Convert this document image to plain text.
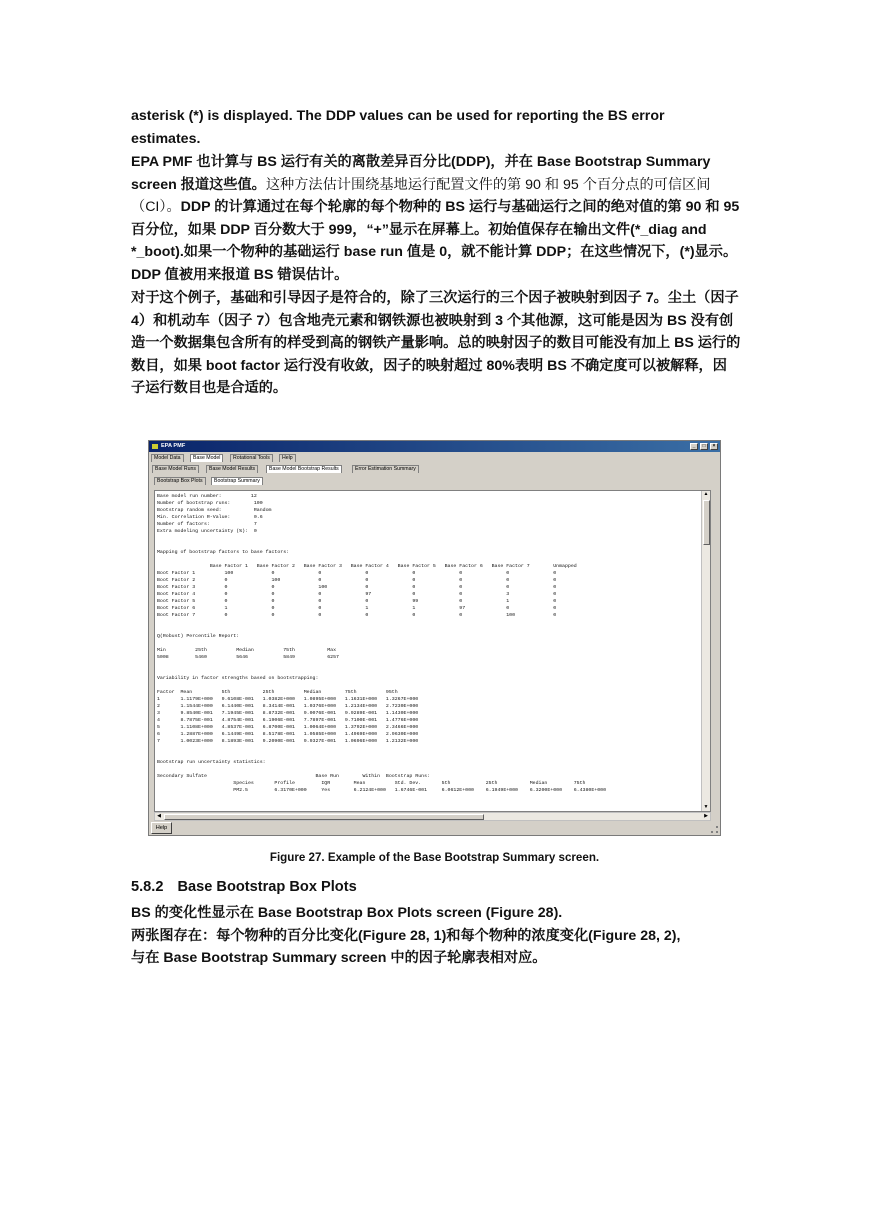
asterisk (*) is displayed. The DDP values can be used for reporting the BS error
estimates.
EPA PMF 也计算与 BS 运行有关的离散差异百分比(DDP)，并在 Base Bootstrap Summary screen 报道这些值。这种方法估计围绕基地运行配置文件的第 90 和 95 个百分点的可信区间（CI）。DDP 的计算通过在每个轮廓的每个物种的 BS 运行与基础运行之间的绝对值的第 90 和 95 百分位，如果 DDP 百分数大于 999，“+”显示在屏幕上。初始值保存在输出文件(*_diag and *_boot).如果一个物种的基础运行 base run 值是 0，就不能计算 DDP；在这些情况下，(*)显示。DDP 值被用来报道 BS 错误估计。
对于这个例子，基础和引导因子是符合的，除了三次运行的三个因子被映射到因子 7。尘土（因子 4）和机动车（因子 7）包含地壳元素和钢铁源也被映射到 3 个其他源，这可能是因为 BS 没有创造一个数据集包含所有的样受到高的钢铁产量影响。总的映射因子的数目可能没有加上 BS 运行的数目，如果 boot factor 运行没有收敛，因子的映射超过 80%表明 BS 不确定度可以被解释，因子运行数目也是合适的。
EPA PMF	_	□	×
Model Data	Base Model	Rotational Tools	Help
Base Model Runs	Base Model Results	Base Model Bootstrap Results	Error Estimation Summary
Bootstrap Box Plots	Bootstrap Summary
Base model run number:          12
Number of bootstrap runs:        100
Bootstrap random seed:           Random
Min. Correlation R-Value:        0.6
Number of factors:               7
Extra modeling uncertainty (%):  0

Mapping of bootstrap factors to base factors:

Base Factor 1   Base Factor 2   Base Factor 3   Base Factor 4   Base Factor 5   Base Factor 6   Base Factor 7        Unmapped
Boot Factor 1          100             0               0               0               0               0               0               0
Boot Factor 2          0               100             0               0               0               0               0               0
Boot Factor 3          0               0               100             0               0               0               0               0
Boot Factor 4          0               0               0               97              0               0               3               0
Boot Factor 5          0               0               0               0               99              0               1               0
Boot Factor 6          1               0               0               1               1               97              0               0
Boot Factor 7          0               0               0               0               0               0               100             0

Q(Robust) Percentile Report:

Min          25th          Median          75th           Max
5008         5460          5646            5849           6257

Variability in factor strengths based on bootstrapping:

Factor  Mean          5th           25th          Median        75th          95th
1       1.1179E+000   9.6108E-001   1.0382E+000   1.0895E+000   1.1631E+000   1.3267E+000
2       1.1544E+000   6.1440E-001   8.3414E-001   1.0376E+000   1.2134E+000   2.7230E+000
3       9.8540E-001   7.1945E-001   8.8732E-001   9.0076E-001   9.9289E-001   1.1430E+000
4       8.7875E-001   4.8754E-001   6.1906E-001   7.7897E-001   9.7100E-001   1.4776E+000
5       1.1108E+000   4.8537E-001   6.8700E-001   1.0064E+000   1.3792E+000   2.3466E+000
6       1.2887E+000   6.1449E-001   8.5178E-001   1.0585E+000   1.4969E+000   2.9630E+000
7       1.0023E+000   8.1893E-001   9.2090E-001   9.9327E-001   1.0696E+000   1.2132E+000

Bootstrap run uncertainty statistics:

Secondary Sulfate                                     Base Run        Within  Bootstrap Runs:
Species       Profile         IQR        Mean          Std. Dev.       5th            25th           Median         75th
PM2.5         6.3170E+000     Yes        6.2124E+000   1.6746E-001     6.0612E+000    6.1949E+000    6.3200E+000    6.4380E+000
▲
▼
◀	▶
Help
Figure 27. Example of the Base Bootstrap Summary screen.
5.8.2 Base Bootstrap Box Plots
BS 的变化性显示在 Base Bootstrap Box Plots screen (Figure 28).
两张图存在：每个物种的百分比变化(Figure 28, 1)和每个物种的浓度变化(Figure 28, 2),
与在 Base Bootstrap Summary screen 中的因子轮廓表相对应。
